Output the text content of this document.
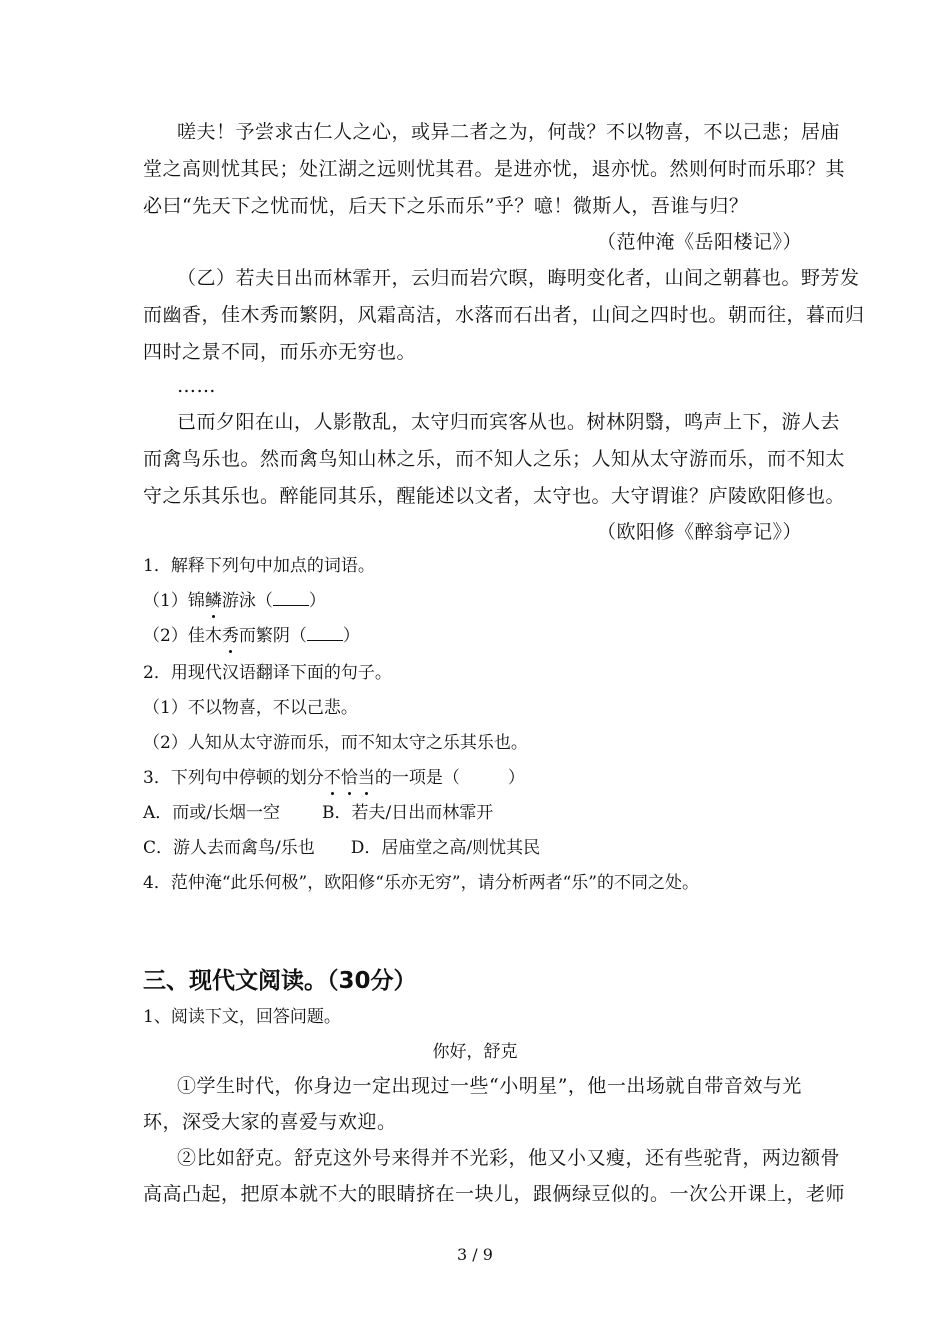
嗟夫！予尝求古仁人之心，或异二者之为，何哉？不以物喜，不以己悲；居庙
堂之高则忧其民；处江湖之远则忧其君。是进亦忧，退亦忧。然则何时而乐耶？其
必曰“先天下之忧而忧，后天下之乐而乐”乎？噫！微斯人，吾谁与归？
（范仲淹《岳阳楼记》）
（乙）若夫日出而林霏开，云归而岩穴暝，晦明变化者，山间之朝暮也。野芳发
而幽香，佳木秀而繁阴，风霜高洁，水落而石出者，山间之四时也。朝而往，暮而归
四时之景不同，而乐亦无穷也。
……
已而夕阳在山，人影散乱，太守归而宾客从也。树林阴翳，鸣声上下，游人去
而禽鸟乐也。然而禽鸟知山林之乐，而不知人之乐；人知从太守游而乐，而不知太
守之乐其乐也。醉能同其乐，醒能述以文者，太守也。大守谓谁？庐陵欧阳修也。
（欧阳修《醉翁亭记》）
1．解释下列句中加点的词语。
（1）锦鳞游泳（ ）
（2）佳木秀而繁阴（ ）
2．用现代汉语翻译下面的句子。
（1）不以物喜，不以己悲。
（2）人知从太守游而乐，而不知太守之乐其乐也。
3．下列句中停顿的划分不恰当的一项是（	）
A．而或/长烟一空 B．若夫/日出而林霏开
C．游人去而禽鸟/乐也 D．居庙堂之高/则忧其民
4．范仲淹“此乐何极”，欧阳修“乐亦无穷”，请分析两者“乐”的不同之处。
三、现代文阅读。（30分）
1、阅读下文，回答问题。
你好，舒克
①学生时代，你身边一定出现过一些“小明星”，他一出场就自带音效与光
环，深受大家的喜爱与欢迎。
②比如舒克。舒克这外号来得并不光彩，他又小又瘦，还有些驼背，两边额骨
高高凸起，把原本就不大的眼睛挤在一块儿，跟俩绿豆似的。一次公开课上，老师
3 / 9
